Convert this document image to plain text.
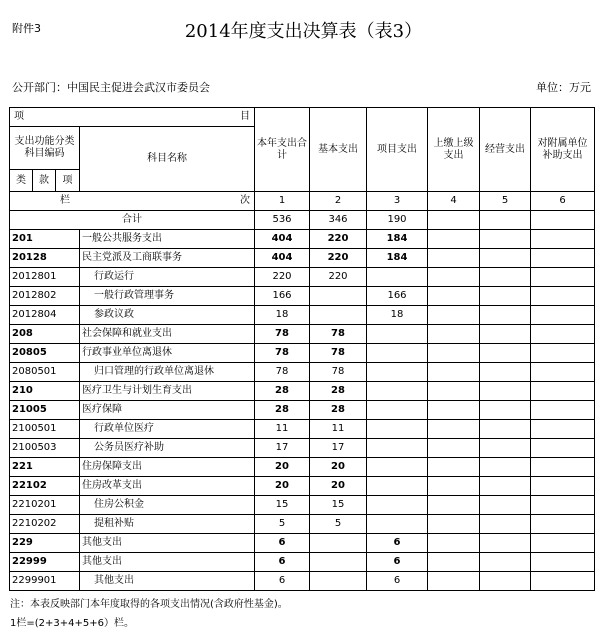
附件3	2014年度支出决算表（表3）
公开部门：中国民主促进会武汉市委员会	单位：万元
项 目				本年支出合计	基本支出	项目支出	上缴上级支出	经营支出	对附属单位补助支出
支出功能分类科目编码			科目名称						
类	款	项							
栏 次				1	2	3	4	5	6
合计				536	346	190			
201			一般公共服务支出	404	220	184			
20128			民主党派及工商联事务	404	220	184			
2012801			行政运行	220	220				
2012802			一般行政管理事务	166		166			
2012804			参政议政	18		18			
208			社会保障和就业支出	78	78				
20805			行政事业单位离退休	78	78				
2080501			归口管理的行政单位离退休	78	78				
210			医疗卫生与计划生育支出	28	28				
21005			医疗保障	28	28				
2100501			行政单位医疗	11	11				
2100503			公务员医疗补助	17	17				
221			住房保障支出	20	20				
22102			住房改革支出	20	20				
2210201			住房公积金	15	15				
2210202			提租补贴	5	5				
229			其他支出	6		6			
22999			其他支出	6		6			
2299901			其他支出	6		6			
注：本表反映部门本年度取得的各项支出情况(含政府性基金)。
1栏=(2+3+4+5+6）栏。
